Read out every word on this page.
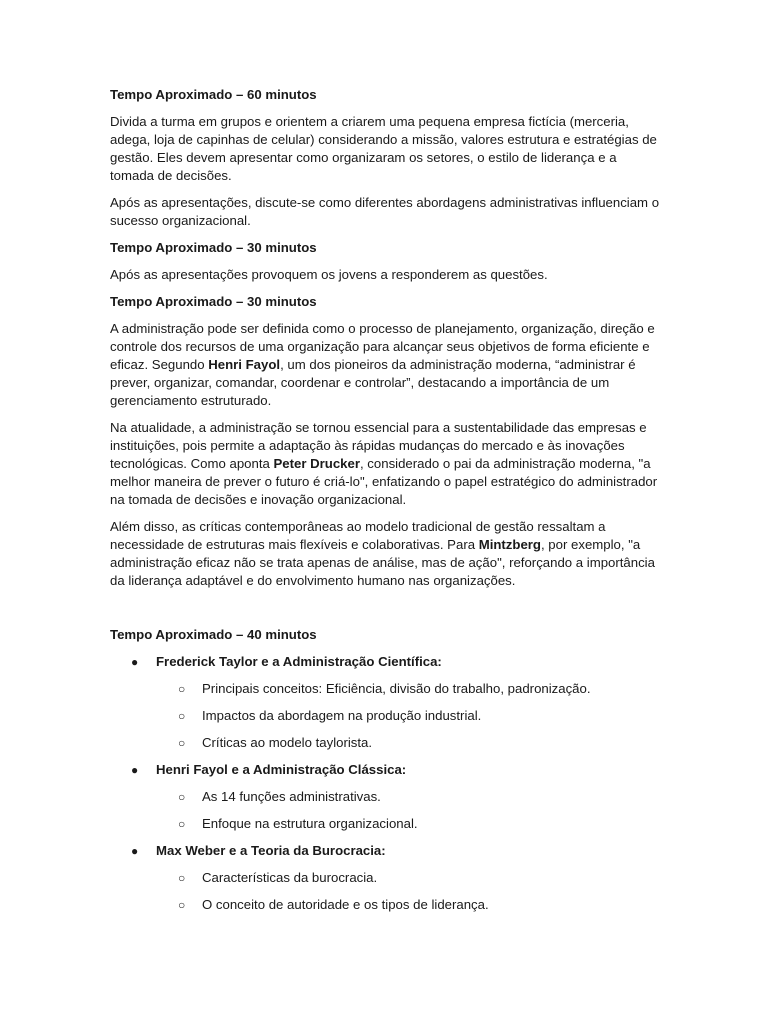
Tempo Aproximado – 60 minutos

Divida a turma em grupos e orientem a criarem uma pequena empresa fictícia (merceria, adega, loja de capinhas de celular) considerando a missão, valores estrutura e estratégias de gestão. Eles devem apresentar como organizaram os setores, o estilo de liderança e a tomada de decisões.

Após as apresentações, discute-se como diferentes abordagens administrativas influenciam o sucesso organizacional.

Tempo Aproximado – 30 minutos

Após as apresentações provoquem os jovens a responderem as questões.

Tempo Aproximado – 30 minutos

A administração pode ser definida como o processo de planejamento, organização, direção e controle dos recursos de uma organização para alcançar seus objetivos de forma eficiente e eficaz. Segundo Henri Fayol, um dos pioneiros da administração moderna, “administrar é prever, organizar, comandar, coordenar e controlar”, destacando a importância de um gerenciamento estruturado.

Na atualidade, a administração se tornou essencial para a sustentabilidade das empresas e instituições, pois permite a adaptação às rápidas mudanças do mercado e às inovações tecnológicas. Como aponta Peter Drucker, considerado o pai da administração moderna, "a melhor maneira de prever o futuro é criá-lo", enfatizando o papel estratégico do administrador na tomada de decisões e inovação organizacional.

Além disso, as críticas contemporâneas ao modelo tradicional de gestão ressaltam a necessidade de estruturas mais flexíveis e colaborativas. Para Mintzberg, por exemplo, "a administração eficaz não se trata apenas de análise, mas de ação", reforçando a importância da liderança adaptável e do envolvimento humano nas organizações.

Tempo Aproximado – 40 minutos

● Frederick Taylor e a Administração Científica:
○ Principais conceitos: Eficiência, divisão do trabalho, padronização.
○ Impactos da abordagem na produção industrial.
○ Críticas ao modelo taylorista.
● Henri Fayol e a Administração Clássica:
○ As 14 funções administrativas.
○ Enfoque na estrutura organizacional.
● Max Weber e a Teoria da Burocracia:
○ Características da burocracia.
○ O conceito de autoridade e os tipos de liderança.
